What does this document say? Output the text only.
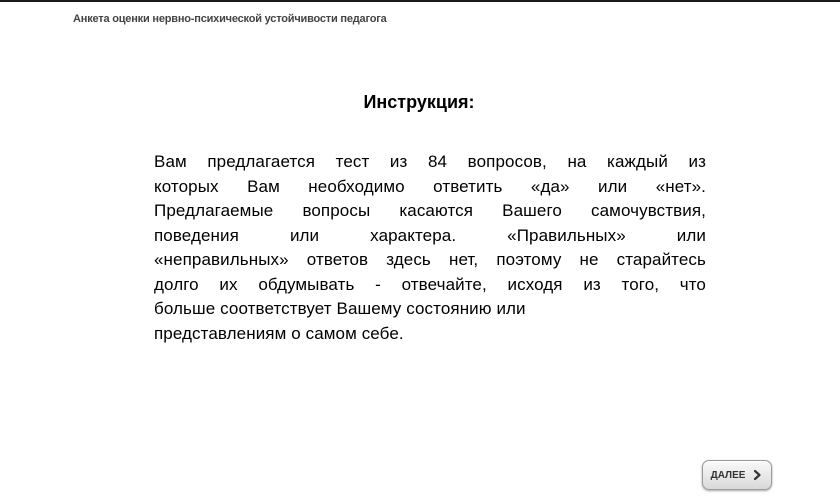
Анкета оценки нервно-психической устойчивости педагога
Инструкция:
Вам предлагается тест из 84 вопросов, на каждый из
которых Вам необходимо ответить «да» или «нет».
Предлагаемые вопросы касаются Вашего самочувствия,
поведения или характера. «Правильных» или
«неправильных» ответов здесь нет, поэтому не старайтесь
долго их обдумывать - отвечайте, исходя из того, что
больше соответствует Вашему состоянию или
представлениям о самом себе.
ДАЛЕЕ
